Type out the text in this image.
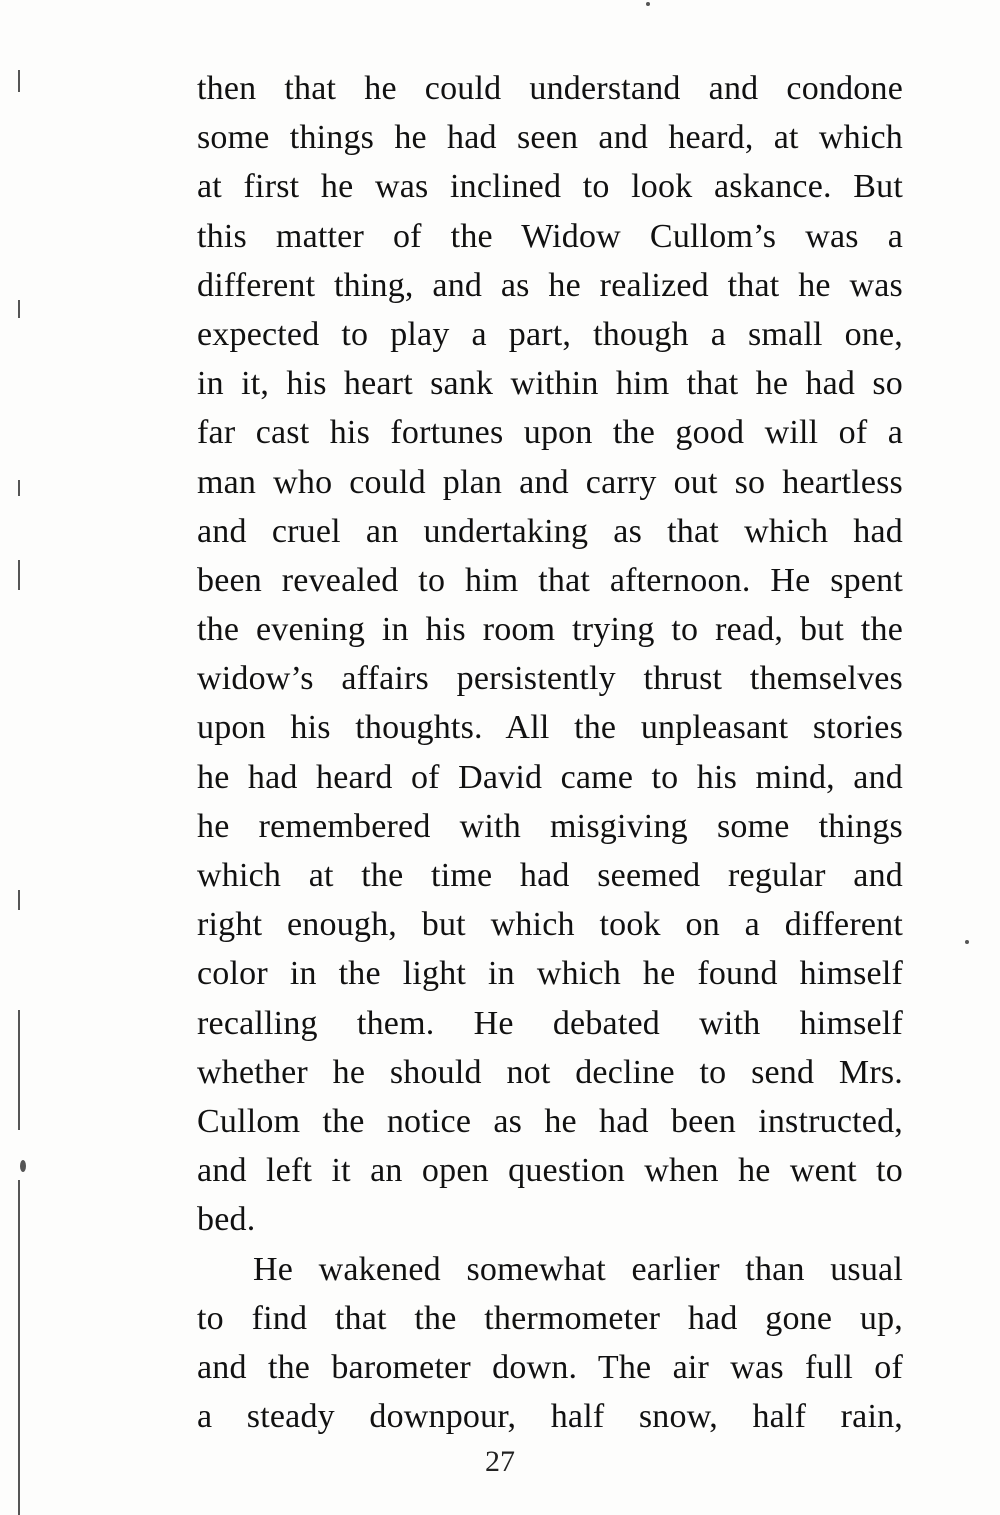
then that he could understand and condone
some things he had seen and heard, at which
at first he was inclined to look askance. But
this matter of the Widow Cullom’s was a
different thing, and as he realized that he was
expected to play a part, though a small one,
in it, his heart sank within him that he had so
far cast his fortunes upon the good will of a
man who could plan and carry out so heartless
and cruel an undertaking as that which had
been revealed to him that afternoon. He spent
the evening in his room trying to read, but the
widow’s affairs persistently thrust themselves
upon his thoughts. All the unpleasant stories
he had heard of David came to his mind, and
he remembered with misgiving some things
which at the time had seemed regular and
right enough, but which took on a different
color in the light in which he found himself
recalling them. He debated with himself
whether he should not decline to send Mrs.
Cullom the notice as he had been instructed,
and left it an open question when he went to
bed.
He wakened somewhat earlier than usual
to find that the thermometer had gone up,
and the barometer down. The air was full of
a steady downpour, half snow, half rain,
27
